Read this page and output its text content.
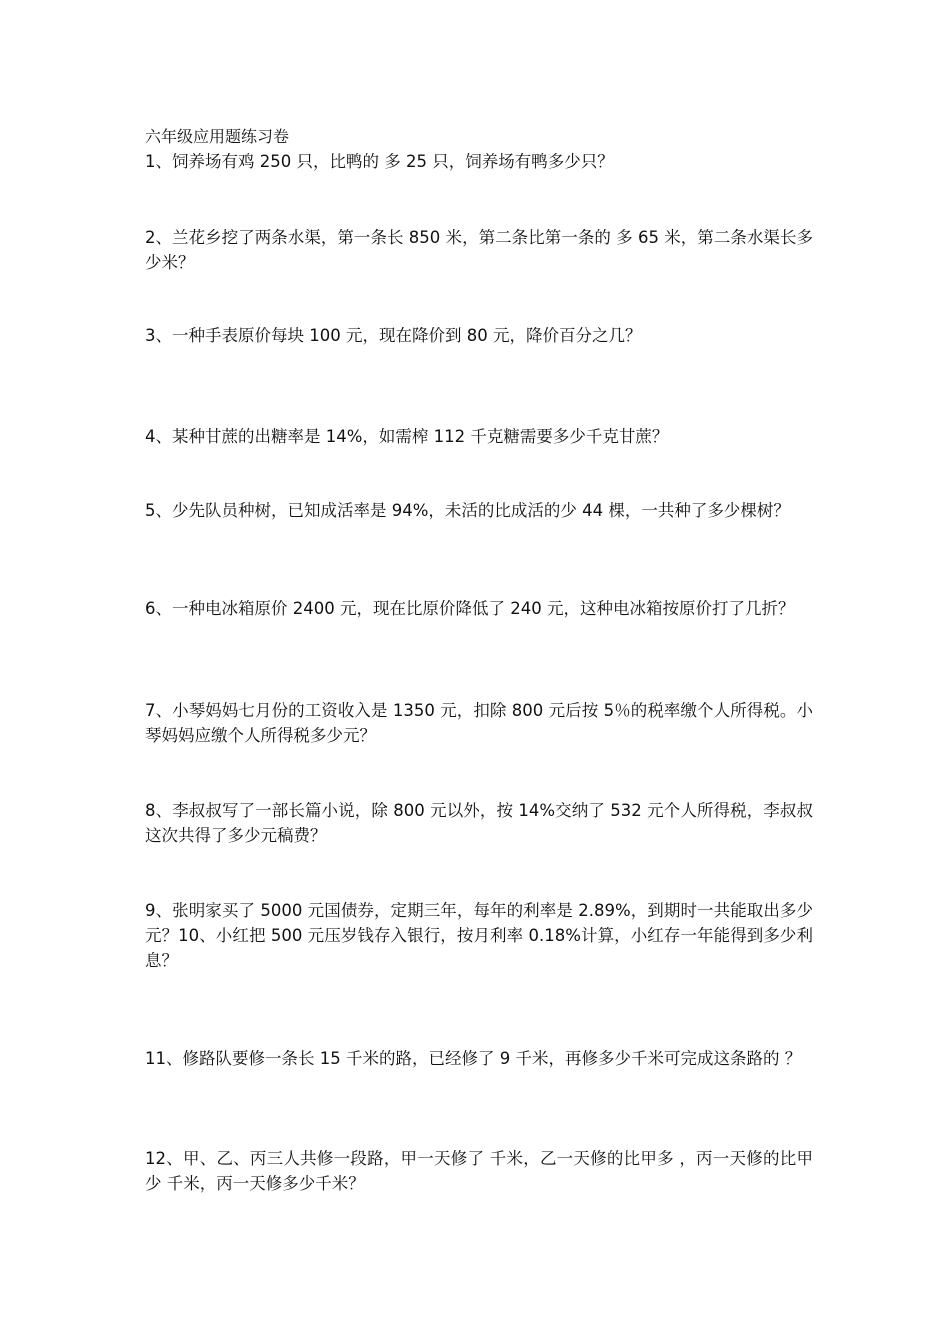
六年级应用题练习卷
1、饲养场有鸡 250 只，比鸭的 多 25 只，饲养场有鸭多少只？
2、兰花乡挖了两条水渠，第一条长 850 米，第二条比第一条的 多 65 米，第二条水渠长多少米？
3、一种手表原价每块 100 元，现在降价到 80 元，降价百分之几？
4、某种甘蔗的出糖率是 14%，如需榨 112 千克糖需要多少千克甘蔗？
5、少先队员种树，已知成活率是 94%，未活的比成活的少 44 棵，一共种了多少棵树？
6、一种电冰箱原价 2400 元，现在比原价降低了 240 元，这种电冰箱按原价打了几折？
7、小琴妈妈七月份的工资收入是 1350 元，扣除 800 元后按 5％的税率缴个人所得税。小琴妈妈应缴个人所得税多少元？
8、李叔叔写了一部长篇小说，除 800 元以外，按 14%交纳了 532 元个人所得税，李叔叔这次共得了多少元稿费？
9、张明家买了 5000 元国债券，定期三年，每年的利率是 2.89%，到期时一共能取出多少元？10、小红把 500 元压岁钱存入银行，按月利率 0.18%计算，小红存一年能得到多少利息？
11、修路队要修一条长 15 千米的路，已经修了 9 千米，再修多少千米可完成这条路的 ？
12、甲、乙、丙三人共修一段路，甲一天修了 千米，乙一天修的比甲多 ，丙一天修的比甲少 千米，丙一天修多少千米？
